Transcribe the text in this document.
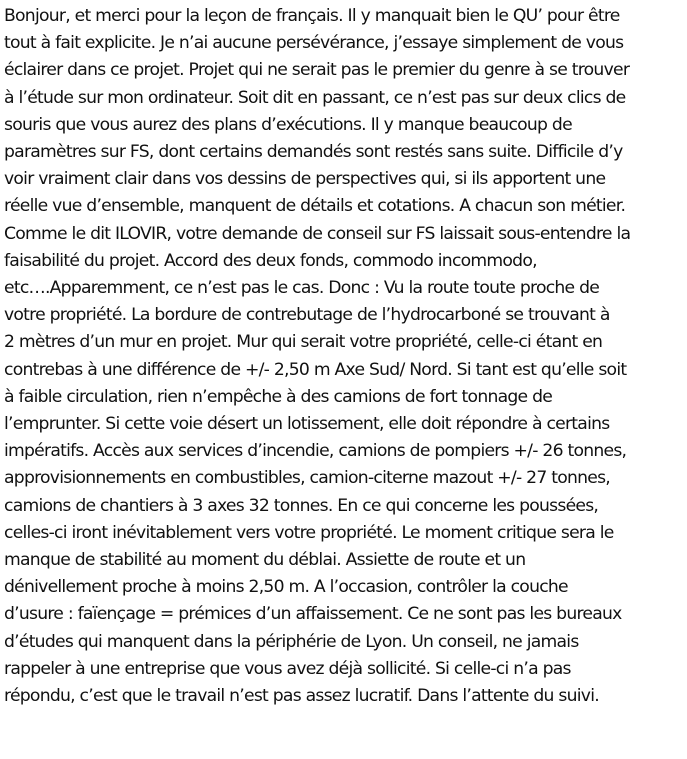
Bonjour, et merci pour la leçon de français. Il y manquait bien le QU’ pour être
tout à fait explicite. Je n’ai aucune persévérance, j’essaye simplement de vous
éclairer dans ce projet. Projet qui ne serait pas le premier du genre à se trouver
à l’étude sur mon ordinateur. Soit dit en passant, ce n’est pas sur deux clics de
souris que vous aurez des plans d’exécutions. Il y manque beaucoup de
paramètres sur FS, dont certains demandés sont restés sans suite. Difficile d’y
voir vraiment clair dans vos dessins de perspectives qui, si ils apportent une
réelle vue d’ensemble, manquent de détails et cotations. A chacun son métier.
Comme le dit ILOVIR, votre demande de conseil sur FS laissait sous-entendre la
faisabilité du projet. Accord des deux fonds, commodo incommodo,
etc….Apparemment, ce n’est pas le cas. Donc : Vu la route toute proche de
votre propriété. La bordure de contrebutage de l’hydrocarboné se trouvant à
2 mètres d’un mur en projet. Mur qui serait votre propriété, celle-ci étant en
contrebas à une différence de +/- 2,50 m Axe Sud/ Nord. Si tant est qu’elle soit
à faible circulation, rien n’empêche à des camions de fort tonnage de
l’emprunter. Si cette voie désert un lotissement, elle doit répondre à certains
impératifs. Accès aux services d’incendie, camions de pompiers +/- 26 tonnes,
approvisionnements en combustibles, camion-citerne mazout +/- 27 tonnes,
camions de chantiers à 3 axes 32 tonnes. En ce qui concerne les poussées,
celles-ci iront inévitablement vers votre propriété. Le moment critique sera le
manque de stabilité au moment du déblai. Assiette de route et un
dénivellement proche à moins 2,50 m. A l’occasion, contrôler la couche
d’usure : faïençage = prémices d’un affaissement. Ce ne sont pas les bureaux
d’études qui manquent dans la périphérie de Lyon. Un conseil, ne jamais
rappeler à une entreprise que vous avez déjà sollicité. Si celle-ci n’a pas
répondu, c’est que le travail n’est pas assez lucratif. Dans l’attente du suivi.
